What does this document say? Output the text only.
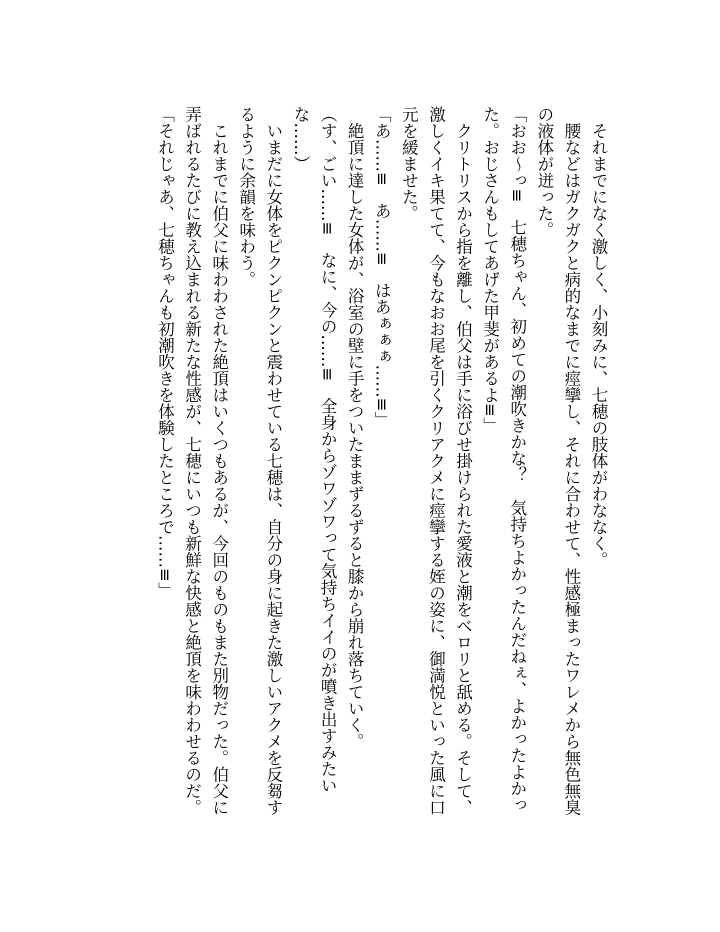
　それまでになく激しく、小刻みに、七穂の肢体がわななく。

　腰などはガクガクと病的なまでに痙攣し、それに合わせて、性感極まったワレメから無色無臭の液体が迸った。

「おお～っ≡　七穂ちゃん、初めての潮吹きかな？　気持ちよかったんだねぇ、よかったよかった。おじさんもしてあげた甲斐があるよ≡」

　クリトリスから指を離し、伯父は手に浴びせ掛けられた愛液と潮をベロリと舐める。そして、激しくイキ果てて、今もなおお尾を引くクリアクメに痙攣する姪の姿に、御満悦といった風に口元を緩ませた。

「あ……≡　あ……≡　はあぁぁぁ……≡」

　絶頂に達した女体が、浴室の壁に手をついたままずるずると膝から崩れ落ちていく。

（す、ごい……≡　なに、今の……≡　全身からゾワゾワって気持ちイイのが噴き出すみたいな……）

　いまだに女体をピクンピクンと震わせている七穂は、自分の身に起きた激しいアクメを反芻するように余韻を味わう。

　これまでに伯父に味わわされた絶頂はいくつもあるが、今回のものもまた別物だった。伯父に弄ばれるたびに教え込まれる新たな性感が、七穂にいつも新鮮な快感と絶頂を味わわせるのだ。

「それじゃあ、七穂ちゃんも初潮吹きを体験したところで……≡」
